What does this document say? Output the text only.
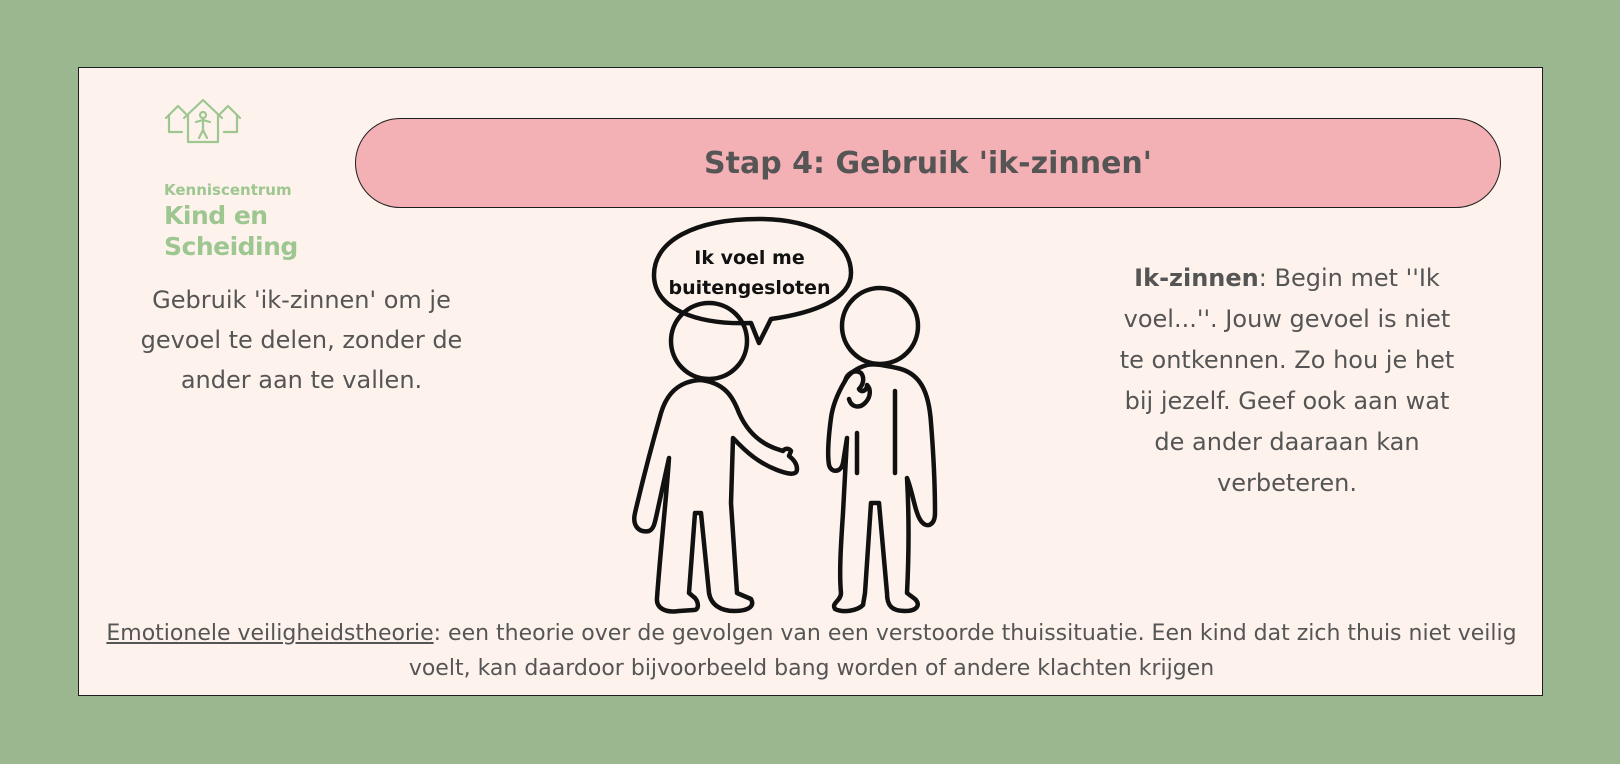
Kenniscentrum
Kind en
Scheiding
Stap 4: Gebruik 'ik-zinnen'
Gebruik 'ik-zinnen' om je gevoel te delen, zonder de ander aan te vallen.
Ik-zinnen: Begin met ''Ik voel...''. Jouw gevoel is niet te ontkennen. Zo hou je het bij jezelf. Geef ook aan wat de ander daaraan kan verbeteren.
Ik voel me
buitengesloten
Emotionele veiligheidstheorie: een theorie over de gevolgen van een verstoorde thuissituatie. Een kind dat zich thuis niet veilig voelt, kan daardoor bijvoorbeeld bang worden of andere klachten krijgen
